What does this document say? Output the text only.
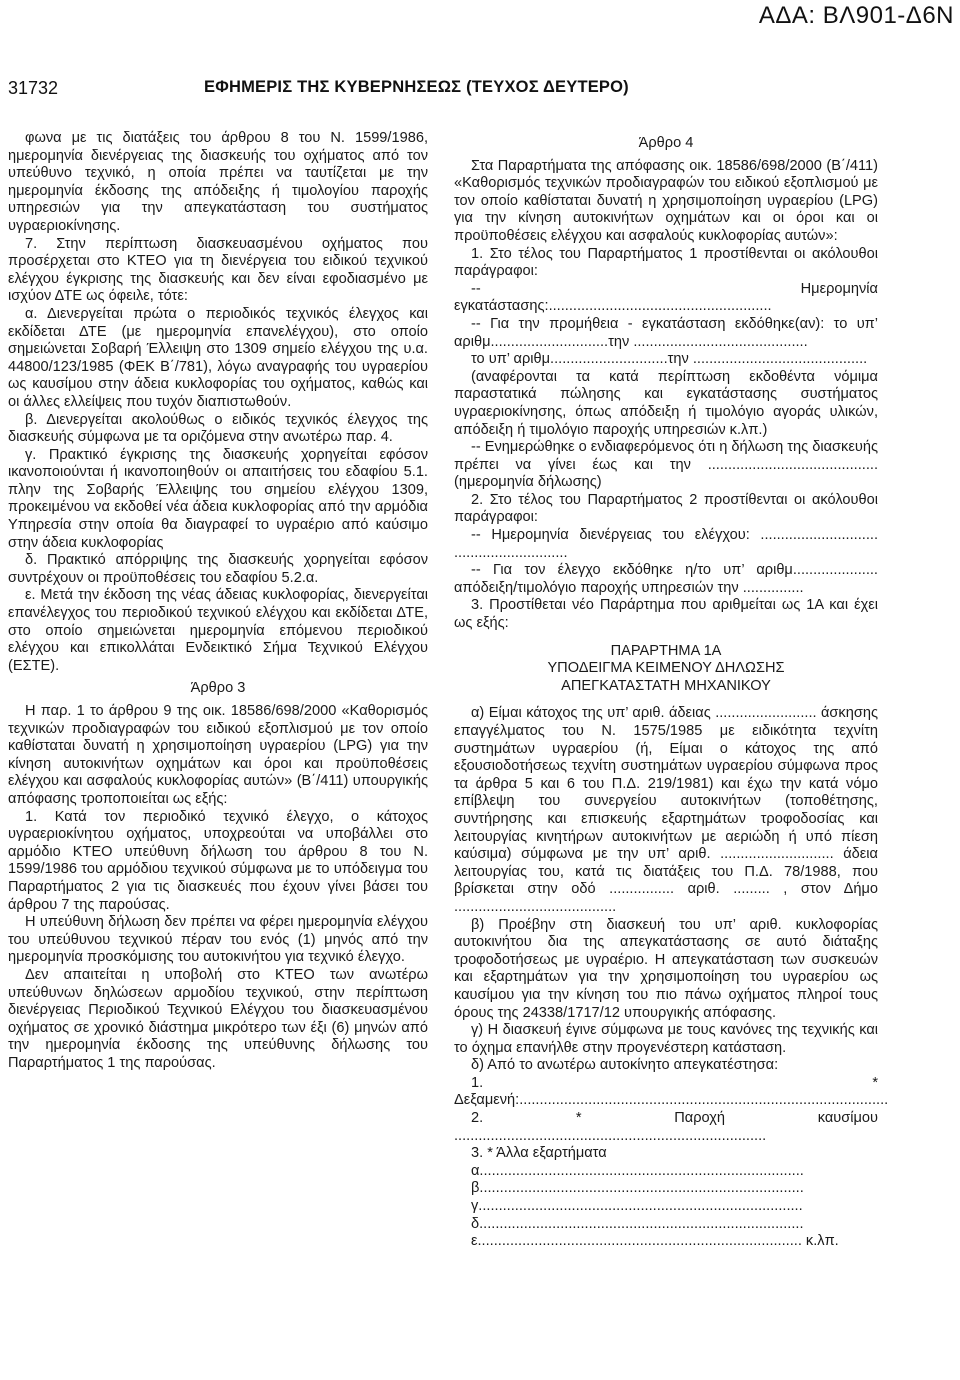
ΑΔΑ: ΒΛ901-Δ6Ν
31732	ΕΦΗΜΕΡΙΣ ΤΗΣ ΚΥΒΕΡΝΗΣΕΩΣ (ΤΕΥΧΟΣ ΔΕΥΤΕΡΟ)

φωνα με τις διατάξεις του άρθρου 8 του Ν. 1599/1986, ημερομηνία διενέργειας της διασκευής του οχήματος από τον υπεύθυνο τεχνικό, η οποία πρέπει να ταυτίζεται με την ημερομηνία έκδοσης της απόδειξης ή τιμολογίου παροχής υπηρεσιών για την απεγκατάσταση του συστήματος υγραεριοκίνησης.

7. Στην περίπτωση διασκευασμένου οχήματος που προσέρχεται στο ΚΤΕΟ για τη διενέργεια του ειδικού τεχνικού ελέγχου έγκρισης της διασκευής και δεν είναι εφοδιασμένο με ισχύον ΔΤΕ ως όφειλε, τότε:

α. Διενεργείται πρώτα ο περιοδικός τεχνικός έλεγχος και εκδίδεται ΔΤΕ (με ημερομηνία επανελέγχου), στο οποίο σημειώνεται Σοβαρή Έλλειψη στο 1309 σημείο ελέγχου της υ.α. 44800/123/1985 (ΦΕΚ Β΄/781), λόγω αναγραφής του υγραερίου ως καυσίμου στην άδεια κυκλοφορίας του οχήματος, καθώς και οι άλλες ελλείψεις που τυχόν διαπιστωθούν.

β. Διενεργείται ακολούθως ο ειδικός τεχνικός έλεγχος της διασκευής σύμφωνα με τα οριζόμενα στην ανωτέρω παρ. 4.

γ. Πρακτικό έγκρισης της διασκευής χορηγείται εφόσον ικανοποιούνται ή ικανοποιηθούν οι απαιτήσεις του εδαφίου 5.1. πλην της Σοβαρής Έλλειψης του σημείου ελέγχου 1309, προκειμένου να εκδοθεί νέα άδεια κυκλοφορίας από την αρμόδια Υπηρεσία στην οποία θα διαγραφεί το υγραέριο από καύσιμο στην άδεια κυκλοφορίας

δ. Πρακτικό απόρριψης της διασκευής χορηγείται εφόσον συντρέχουν οι προϋποθέσεις του εδαφίου 5.2.α.

ε. Μετά την έκδοση της νέας άδειας κυκλοφορίας, διενεργείται επανέλεγχος του περιοδικού τεχνικού ελέγχου και εκδίδεται ΔΤΕ, στο οποίο σημειώνεται ημερομηνία επόμενου περιοδικού ελέγχου και επικολλάται Ενδεικτικό Σήμα Τεχνικού Ελέγχου (ΕΣΤΕ).

Άρθρο 3

Η παρ. 1 το άρθρου 9 της οικ. 18586/698/2000 «Καθορισμός τεχνικών προδιαγραφών του ειδικού εξοπλισμού με τον οποίο καθίσταται δυνατή η χρησιμοποίηση υγραερίου (LPG) για την κίνηση αυτοκινήτων οχημάτων και όροι και προϋποθέσεις ελέγχου και ασφαλούς κυκλοφορίας αυτών» (Β΄/411) υπουργικής απόφασης τροποποιείται ως εξής:

1. Κατά τον περιοδικό τεχνικό έλεγχο, ο κάτοχος υγραεριοκίνητου οχήματος, υποχρεούται να υποβάλλει στο αρμόδιο ΚΤΕΟ υπεύθυνη δήλωση του άρθρου 8 του Ν. 1599/1986 του αρμόδιου τεχνικού σύμφωνα με το υπόδειγμα του Παραρτήματος 2 για τις διασκευές που έχουν γίνει βάσει του άρθρου 7 της παρούσας.

Η υπεύθυνη δήλωση δεν πρέπει να φέρει ημερομηνία ελέγχου του υπεύθυνου τεχνικού πέραν του ενός (1) μηνός από την ημερομηνία προσκόμισης του αυτοκινήτου για τεχνικό έλεγχο.

Δεν απαιτείται η υποβολή στο ΚΤΕΟ των ανωτέρω υπεύθυνων δηλώσεων αρμοδίου τεχνικού, στην περίπτωση διενέργειας Περιοδικού Τεχνικού Ελέγχου του διασκευασμένου οχήματος σε χρονικό διάστημα μικρότερο των έξι (6) μηνών από την ημερομηνία έκδοσης της υπεύθυνης δήλωσης του Παραρτήματος 1 της παρούσας.

Άρθρο 4

Στα Παραρτήματα της απόφασης οικ. 18586/698/2000 (Β΄/411) «Καθορισμός τεχνικών προδιαγραφών του ειδικού εξοπλισμού με τον οποίο καθίσταται δυνατή η χρησιμοποίηση υγραερίου (LPG) για την κίνηση αυτοκινήτων οχημάτων και οι όροι και οι προϋποθέσεις ελέγχου και ασφαλούς κυκλοφορίας αυτών»:

1. Στο τέλος του Παραρτήματος 1 προστίθενται οι ακόλουθοι παράγραφοι:

-- Ημερομηνία εγκατάστασης:.......................................................

-- Για την προμήθεια - εγκατάσταση εκδόθηκε(αν): το υπ’ αριθμ.............................την ...........................................

το υπ’ αριθμ.............................την ...........................................

(αναφέρονται τα κατά περίπτωση εκδοθέντα νόμιμα παραστατικά πώλησης και εγκατάστασης συστήματος υγραεριοκίνησης, όπως απόδειξη ή τιμολόγιο αγοράς υλικών, απόδειξη ή τιμολόγιο παροχής υπηρεσιών κ.λπ.)

-- Ενημερώθηκε ο ενδιαφερόμενος ότι η δήλωση της διασκευής πρέπει να γίνει έως και την .......................................... (ημερομηνία δήλωσης)

2. Στο τέλος του Παραρτήματος 2 προστίθενται οι ακόλουθοι παράγραφοι:

-- Ημερομηνία διενέργειας του ελέγχου: ............................. ............................

-- Για τον έλεγχο εκδόθηκε η/το υπ’ αριθμ..................... απόδειξη/τιμολόγιο παροχής υπηρεσιών την ...............

3. Προστίθεται νέο Παράρτημα που αριθμείται ως 1Α και έχει ως εξής:

ΠΑΡΑΡΤΗΜΑ 1Α

ΥΠΟΔΕΙΓΜΑ ΚΕΙΜΕΝΟΥ ΔΗΛΩΣΗΣ

ΑΠΕΓΚΑΤΑΣΤΑΤΗ ΜΗΧΑΝΙΚΟΥ

α) Είμαι κάτοχος της υπ’ αριθ. άδειας ......................... άσκησης επαγγέλματος του Ν. 1575/1985 με ειδικότητα τεχνίτη συστημάτων υγραερίου (ή, Είμαι ο κάτοχος της από εξουσιοδοτήσεως τεχνίτη συστημάτων υγραερίου σύμφωνα προς τα άρθρα 5 και 6 του Π.Δ. 219/1981) και έχω την κατά νόμο επίβλεψη του συνεργείου αυτοκινήτων (τοποθέτησης, συντήρησης και επισκευής εξαρτημάτων τροφοδοσίας και λειτουργίας κινητήρων αυτοκινήτων με αεριώδη ή υπό πίεση καύσιμα) σύμφωνα με την υπ’ αριθ. ............................ άδεια λειτουργίας του, κατά τις διατάξεις του Π.Δ. 78/1988, που βρίσκεται στην οδό ................ αριθ. ......... , στον Δήμο ........................................

β) Προέβην στη διασκευή του υπ’ αριθ. κυκλοφορίας αυτοκινήτου δια της απεγκατάστασης σε αυτό διάταξης τροφοδοτήσεως με υγραέριο. Η απεγκατάσταση των συσκευών και εξαρτημάτων για την χρησιμοποίηση του υγραερίου ως καυσίμου για την κίνηση του πιο πάνω οχήματος πληροί τους όρους της 24338/1717/12 υπουργικής απόφασης.

γ) Η διασκευή έγινε σύμφωνα με τους κανόνες της τεχνικής και το όχημα επανήλθε στην προγενέστερη κατάσταση.

δ) Από το ανωτέρω αυτοκίνητο απεγκατέστησα:

1. * Δεξαμενή:...........................................................................................

2. * Παροχή καυσίμου .............................................................................

3. * Άλλα εξαρτήματα

α................................................................................

β................................................................................

γ................................................................................

δ................................................................................

ε................................................................................ κ.λπ.
